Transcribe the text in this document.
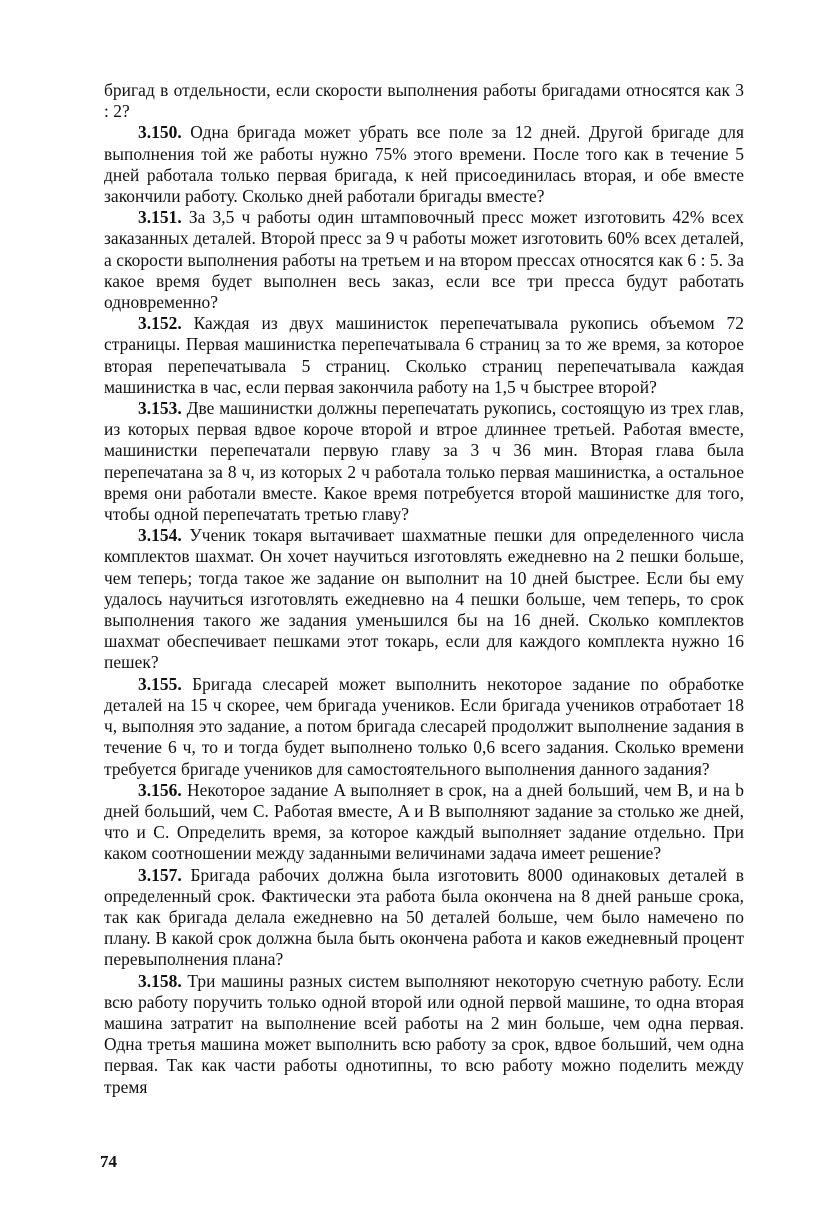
бригад в отдельности, если скорости выполнения работы бригадами относятся как 3 : 2?

3.150. Одна бригада может убрать все поле за 12 дней. Другой бригаде для выполнения той же работы нужно 75% этого времени. После того как в течение 5 дней работала только первая бригада, к ней присоединилась вторая, и обе вместе закончили работу. Сколько дней работали бригады вместе?

3.151. За 3,5 ч работы один штамповочный пресс может изготовить 42% всех заказанных деталей. Второй пресс за 9 ч работы может изготовить 60% всех деталей, а скорости выполнения работы на третьем и на втором прессах относятся как 6 : 5. За какое время будет выполнен весь заказ, если все три пресса будут работать одновременно?

3.152. Каждая из двух машинисток перепечатывала рукопись объемом 72 страницы. Первая машинистка перепечатывала 6 страниц за то же время, за которое вторая перепечатывала 5 страниц. Сколько страниц перепечатывала каждая машинистка в час, если первая закончила работу на 1,5 ч быстрее второй?

3.153. Две машинистки должны перепечатать рукопись, состоящую из трех глав, из которых первая вдвое короче второй и втрое длиннее третьей. Работая вместе, машинистки перепечатали первую главу за 3 ч 36 мин. Вторая глава была перепечатана за 8 ч, из которых 2 ч работала только первая машинистка, а остальное время они работали вместе. Какое время потребуется второй машинистке для того, чтобы одной перепечатать третью главу?

3.154. Ученик токаря вытачивает шахматные пешки для определенного числа комплектов шахмат. Он хочет научиться изготовлять ежедневно на 2 пешки больше, чем теперь; тогда такое же задание он выполнит на 10 дней быстрее. Если бы ему удалось научиться изготовлять ежедневно на 4 пешки больше, чем теперь, то срок выполнения такого же задания уменьшился бы на 16 дней. Сколько комплектов шахмат обеспечивает пешками этот токарь, если для каждого комплекта нужно 16 пешек?

3.155. Бригада слесарей может выполнить некоторое задание по обработке деталей на 15 ч скорее, чем бригада учеников. Если бригада учеников отработает 18 ч, выполняя это задание, а потом бригада слесарей продолжит выполнение задания в течение 6 ч, то и тогда будет выполнено только 0,6 всего задания. Сколько времени требуется бригаде учеников для самостоятельного выполнения данного задания?

3.156. Некоторое задание A выполняет в срок, на a дней больший, чем B, и на b дней больший, чем C. Работая вместе, A и B выполняют задание за столько же дней, что и C. Определить время, за которое каждый выполняет задание отдельно. При каком соотношении между заданными величинами задача имеет решение?

3.157. Бригада рабочих должна была изготовить 8000 одинаковых деталей в определенный срок. Фактически эта работа была окончена на 8 дней раньше срока, так как бригада делала ежедневно на 50 деталей больше, чем было намечено по плану. В какой срок должна была быть окончена работа и каков ежедневный процент перевыполнения плана?

3.158. Три машины разных систем выполняют некоторую счетную работу. Если всю работу поручить только одной второй или одной первой машине, то одна вторая машина затратит на выполнение всей работы на 2 мин больше, чем одна первая. Одна третья машина может выполнить всю работу за срок, вдвое больший, чем одна первая. Так как части работы однотипны, то всю работу можно поделить между тремя

74
